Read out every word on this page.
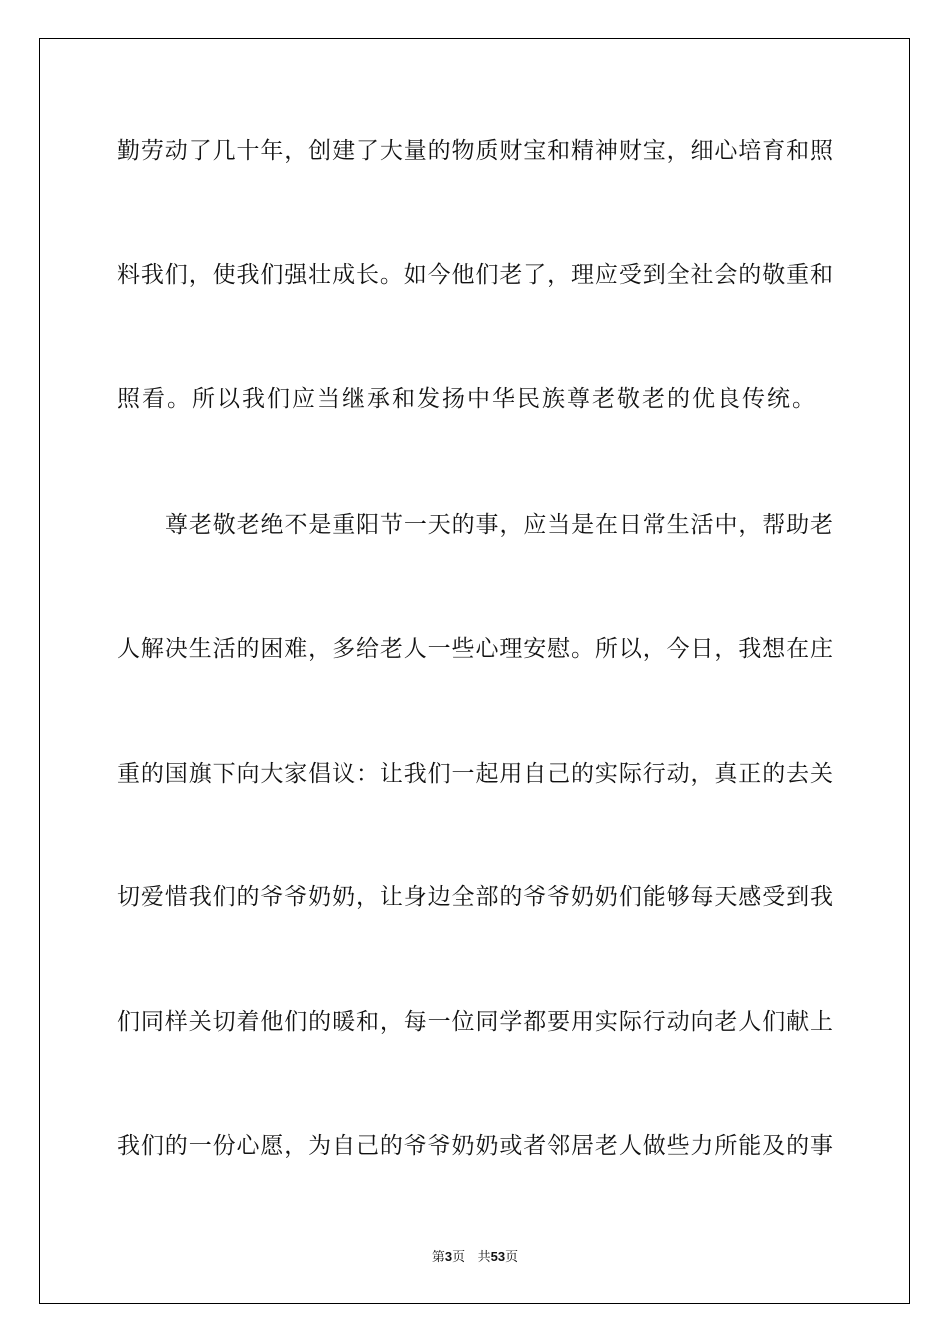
勤劳动了几十年，创建了大量的物质财宝和精神财宝，细心培育和照
料我们，使我们强壮成长。如今他们老了，理应受到全社会的敬重和
照看。所以我们应当继承和发扬中华民族尊老敬老的优良传统。
尊老敬老绝不是重阳节一天的事，应当是在日常生活中，帮助老
人解决生活的困难，多给老人一些心理安慰。所以，今日，我想在庄
重的国旗下向大家倡议：让我们一起用自己的实际行动，真正的去关
切爱惜我们的爷爷奶奶，让身边全部的爷爷奶奶们能够每天感受到我
们同样关切着他们的暖和，每一位同学都要用实际行动向老人们献上
我们的一份心愿，为自己的爷爷奶奶或者邻居老人做些力所能及的事
第3页 共53页
